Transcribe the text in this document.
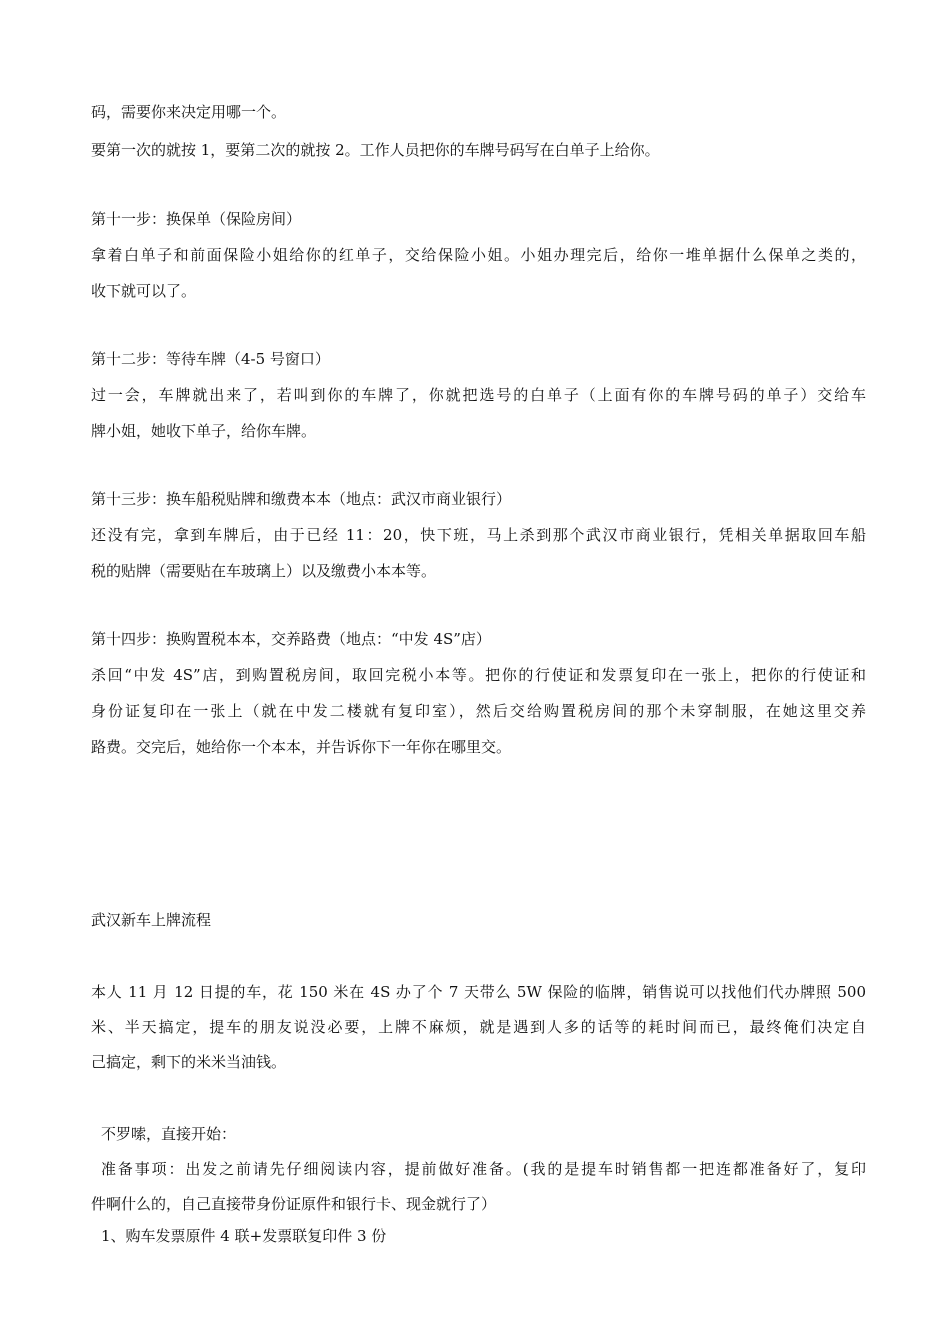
码，需要你来决定用哪一个。
要第一次的就按 1，要第二次的就按 2。工作人员把你的车牌号码写在白单子上给你。
第十一步：换保单（保险房间）
拿着白单子和前面保险小姐给你的红单子，交给保险小姐。小姐办理完后，给你一堆单据什么保单之类的，
收下就可以了。
第十二步：等待车牌（4-5 号窗口）
过一会，车牌就出来了，若叫到你的车牌了，你就把选号的白单子（上面有你的车牌号码的单子）交给车
牌小姐，她收下单子，给你车牌。
第十三步：换车船税贴牌和缴费本本（地点：武汉市商业银行）
还没有完，拿到车牌后，由于已经 11：20，快下班，马上杀到那个武汉市商业银行，凭相关单据取回车船
税的贴牌（需要贴在车玻璃上）以及缴费小本本等。
第十四步：换购置税本本，交养路费（地点：“中发 4S”店）
杀回“中发 4S”店，到购置税房间，取回完税小本等。把你的行使证和发票复印在一张上，把你的行使证和
身份证复印在一张上（就在中发二楼就有复印室），然后交给购置税房间的那个未穿制服，在她这里交养
路费。交完后，她给你一个本本，并告诉你下一年你在哪里交。
武汉新车上牌流程
本人 11 月 12 日提的车，花 150 米在 4S 办了个 7 天带么 5W 保险的临牌，销售说可以找他们代办牌照 500
米、半天搞定，提车的朋友说没必要，上牌不麻烦，就是遇到人多的话等的耗时间而已，最终俺们决定自
己搞定，剩下的米米当油钱。
不罗嗦，直接开始：
准备事项：出发之前请先仔细阅读内容，提前做好准备。(我的是提车时销售都一把连都准备好了，复印
件啊什么的，自己直接带身份证原件和银行卡、现金就行了）
1、购车发票原件 4 联+发票联复印件 3 份
